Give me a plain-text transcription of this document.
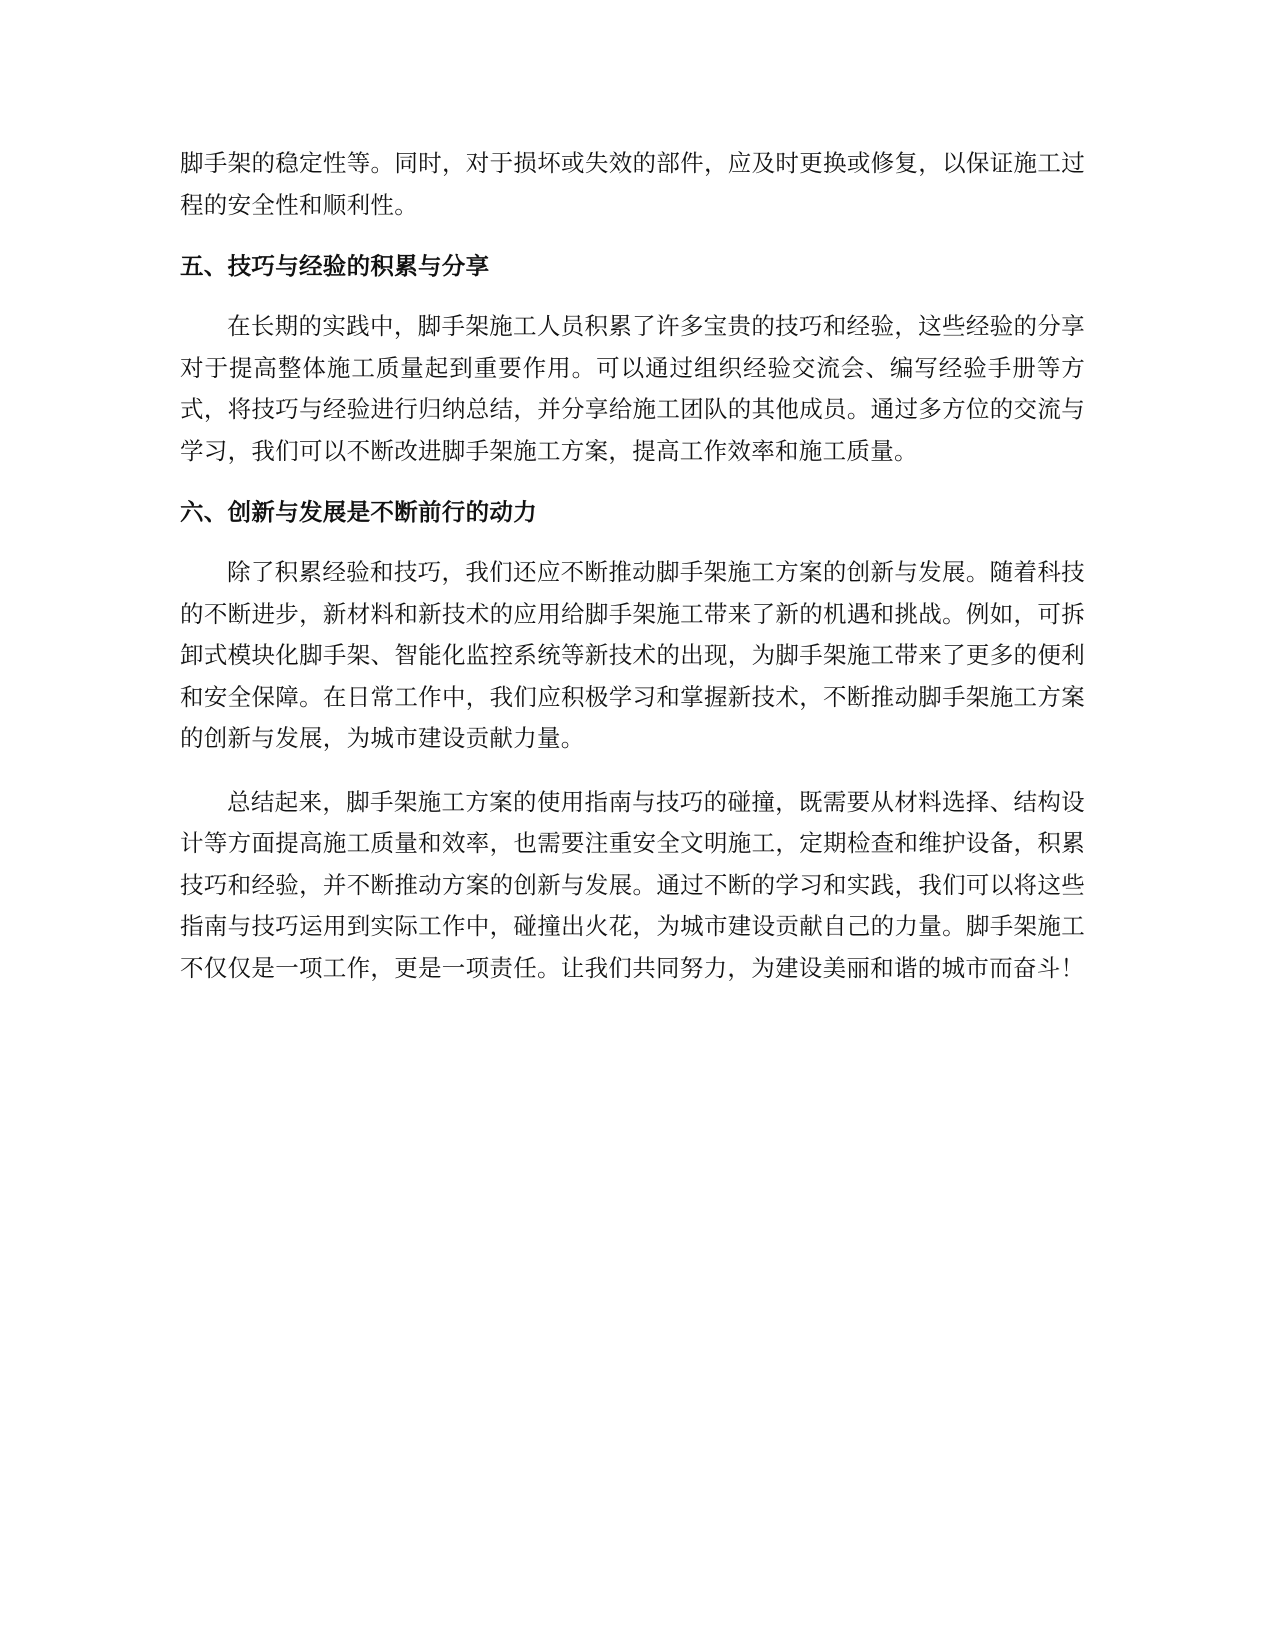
脚手架的稳定性等。同时，对于损坏或失效的部件，应及时更换或修复，以保证施工过程的安全性和顺利性。

五、技巧与经验的积累与分享

在长期的实践中，脚手架施工人员积累了许多宝贵的技巧和经验，这些经验的分享对于提高整体施工质量起到重要作用。可以通过组织经验交流会、编写经验手册等方式，将技巧与经验进行归纳总结，并分享给施工团队的其他成员。通过多方位的交流与学习，我们可以不断改进脚手架施工方案，提高工作效率和施工质量。

六、创新与发展是不断前行的动力

除了积累经验和技巧，我们还应不断推动脚手架施工方案的创新与发展。随着科技的不断进步，新材料和新技术的应用给脚手架施工带来了新的机遇和挑战。例如，可拆卸式模块化脚手架、智能化监控系统等新技术的出现，为脚手架施工带来了更多的便利和安全保障。在日常工作中，我们应积极学习和掌握新技术，不断推动脚手架施工方案的创新与发展，为城市建设贡献力量。

总结起来，脚手架施工方案的使用指南与技巧的碰撞，既需要从材料选择、结构设计等方面提高施工质量和效率，也需要注重安全文明施工，定期检查和维护设备，积累技巧和经验，并不断推动方案的创新与发展。通过不断的学习和实践，我们可以将这些指南与技巧运用到实际工作中，碰撞出火花，为城市建设贡献自己的力量。脚手架施工不仅仅是一项工作，更是一项责任。让我们共同努力，为建设美丽和谐的城市而奋斗！
